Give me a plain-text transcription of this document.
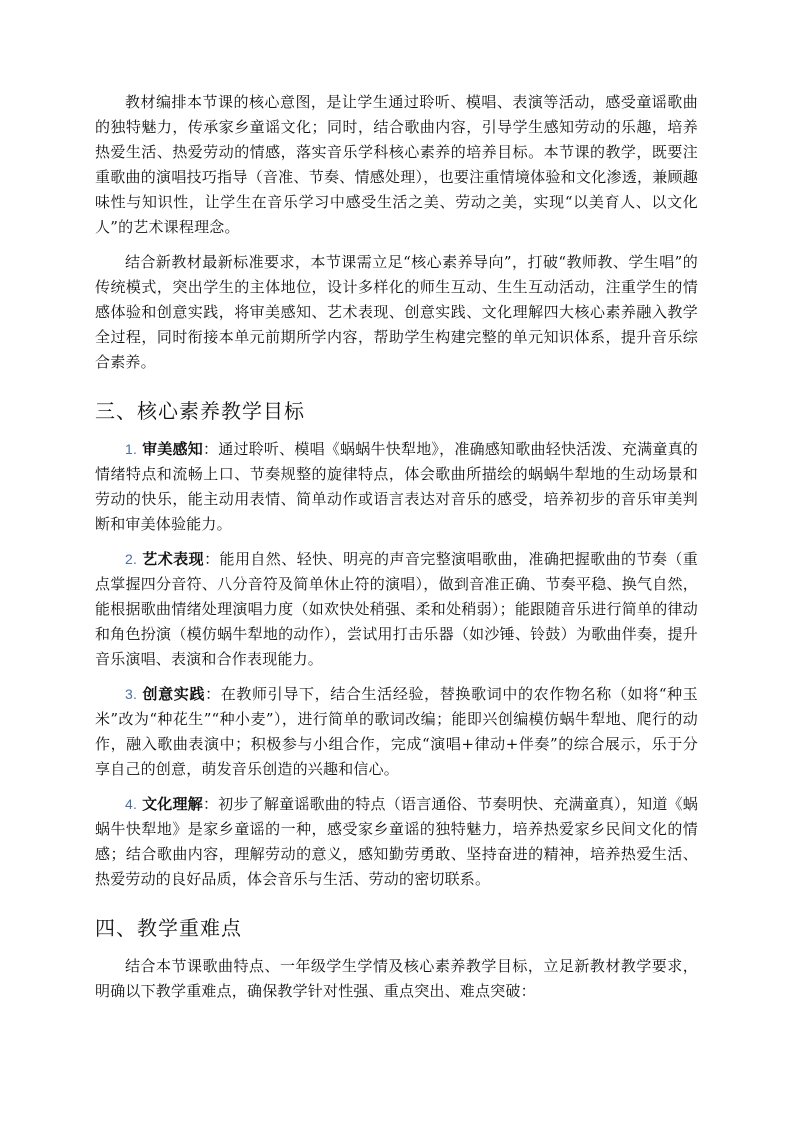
教材编排本节课的核心意图，是让学生通过聆听、模唱、表演等活动，感受童谣歌曲的独特魅力，传承家乡童谣文化；同时，结合歌曲内容，引导学生感知劳动的乐趣，培养热爱生活、热爱劳动的情感，落实音乐学科核心素养的培养目标。本节课的教学，既要注重歌曲的演唱技巧指导（音准、节奏、情感处理），也要注重情境体验和文化渗透，兼顾趣味性与知识性，让学生在音乐学习中感受生活之美、劳动之美，实现“以美育人、以文化人”的艺术课程理念。

结合新教材最新标准要求，本节课需立足“核心素养导向”，打破“教师教、学生唱”的传统模式，突出学生的主体地位，设计多样化的师生互动、生生互动活动，注重学生的情感体验和创意实践，将审美感知、艺术表现、创意实践、文化理解四大核心素养融入教学全过程，同时衔接本单元前期所学内容，帮助学生构建完整的单元知识体系，提升音乐综合素养。

三、核心素养教学目标

1. 审美感知：通过聆听、模唱《蜗蜗牛快犁地》，准确感知歌曲轻快活泼、充满童真的情绪特点和流畅上口、节奏规整的旋律特点，体会歌曲所描绘的蜗蜗牛犁地的生动场景和劳动的快乐，能主动用表情、简单动作或语言表达对音乐的感受，培养初步的音乐审美判断和审美体验能力。

2. 艺术表现：能用自然、轻快、明亮的声音完整演唱歌曲，准确把握歌曲的节奏（重点掌握四分音符、八分音符及简单休止符的演唱），做到音准正确、节奏平稳、换气自然，能根据歌曲情绪处理演唱力度（如欢快处稍强、柔和处稍弱）；能跟随音乐进行简单的律动和角色扮演（模仿蜗牛犁地的动作），尝试用打击乐器（如沙锤、铃鼓）为歌曲伴奏，提升音乐演唱、表演和合作表现能力。

3. 创意实践：在教师引导下，结合生活经验，替换歌词中的农作物名称（如将“种玉米”改为“种花生”“种小麦”），进行简单的歌词改编；能即兴创编模仿蜗牛犁地、爬行的动作，融入歌曲表演中；积极参与小组合作，完成“演唱+律动+伴奏”的综合展示，乐于分享自己的创意，萌发音乐创造的兴趣和信心。

4. 文化理解：初步了解童谣歌曲的特点（语言通俗、节奏明快、充满童真），知道《蜗蜗牛快犁地》是家乡童谣的一种，感受家乡童谣的独特魅力，培养热爱家乡民间文化的情感；结合歌曲内容，理解劳动的意义，感知勤劳勇敢、坚持奋进的精神，培养热爱生活、热爱劳动的良好品质，体会音乐与生活、劳动的密切联系。

四、教学重难点

结合本节课歌曲特点、一年级学生学情及核心素养教学目标，立足新教材教学要求，明确以下教学重难点，确保教学针对性强、重点突出、难点突破：
